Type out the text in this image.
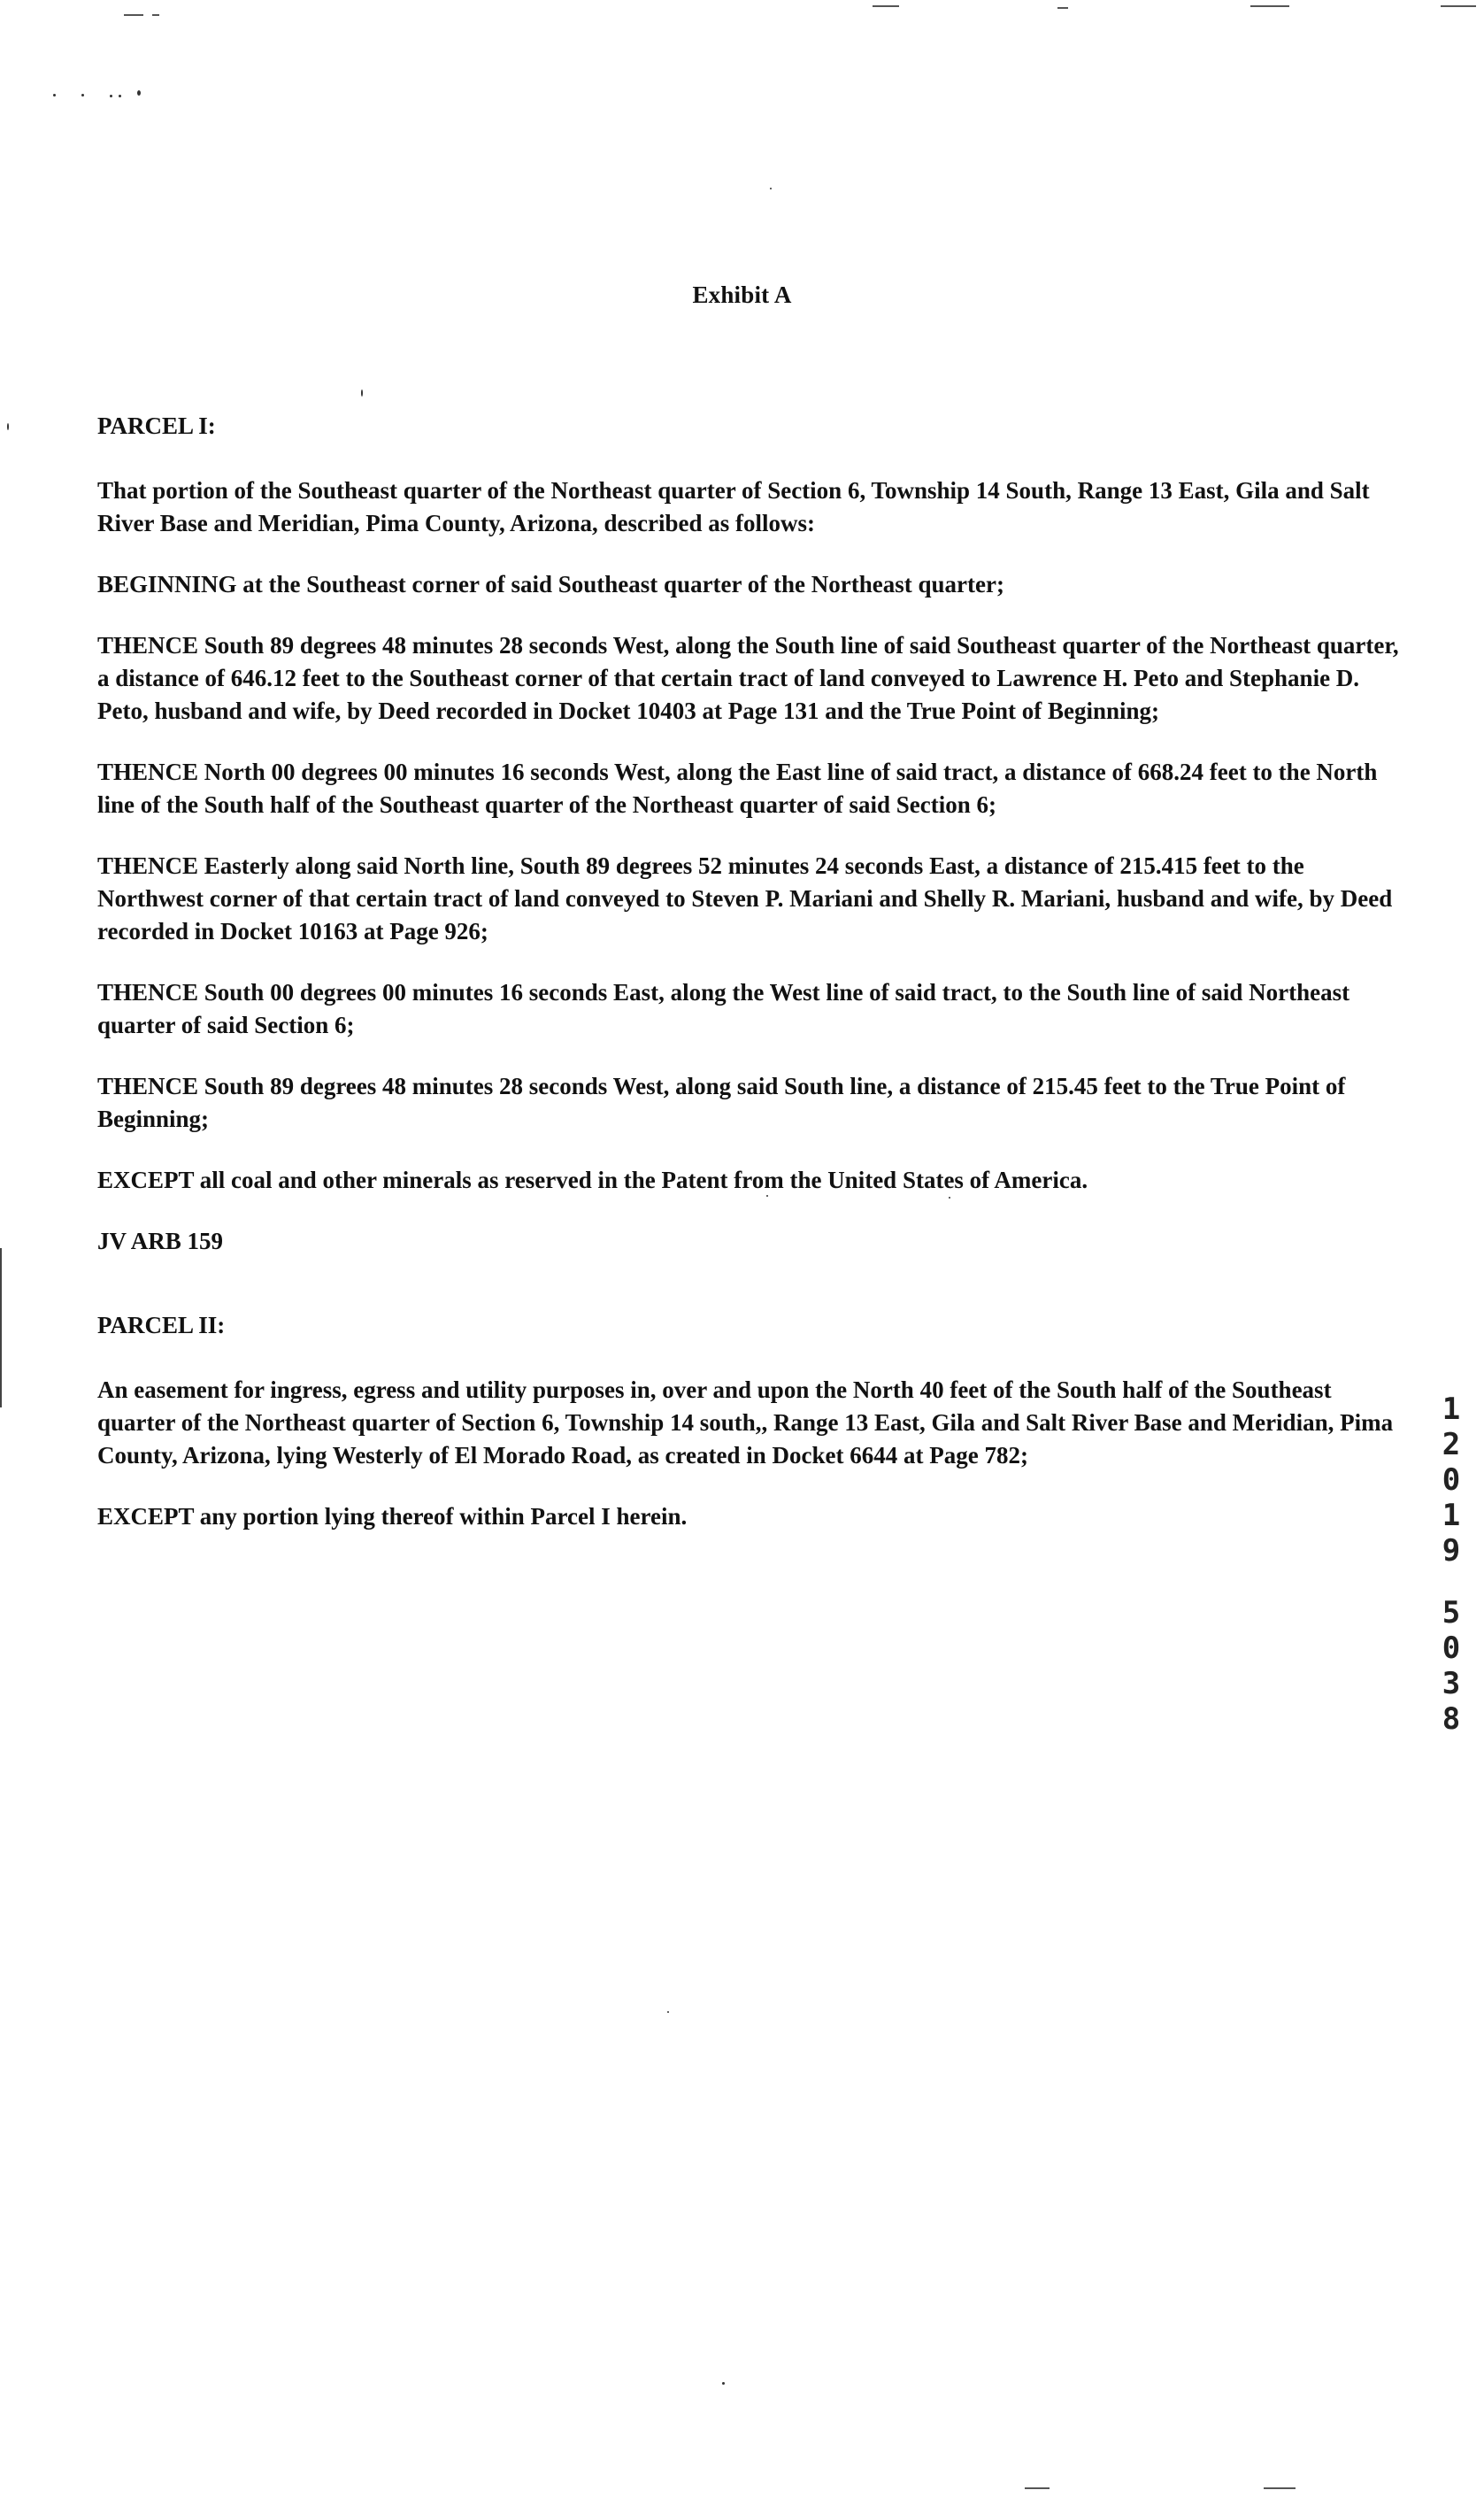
Exhibit A

PARCEL I:

That portion of the Southeast quarter of the Northeast quarter of Section 6, Township 14 South, Range 13 East, Gila and Salt River Base and Meridian, Pima County, Arizona, described as follows:

BEGINNING at the Southeast corner of said Southeast quarter of the Northeast quarter;

THENCE South 89 degrees 48 minutes 28 seconds West, along the South line of said Southeast quarter of the Northeast quarter, a distance of 646.12 feet to the Southeast corner of that certain tract of land conveyed to Lawrence H. Peto and Stephanie D. Peto, husband and wife, by Deed recorded in Docket 10403 at Page 131 and the True Point of Beginning;

THENCE North 00 degrees 00 minutes 16 seconds West, along the East line of said tract, a distance of 668.24 feet to the North line of the South half of the Southeast quarter of the Northeast quarter of said Section 6;

THENCE Easterly along said North line, South 89 degrees 52 minutes 24 seconds East, a distance of 215.415 feet to the Northwest corner of that certain tract of land conveyed to Steven P. Mariani and Shelly R. Mariani, husband and wife, by Deed recorded in Docket 10163 at Page 926;

THENCE South 00 degrees 00 minutes 16 seconds East, along the West line of said tract, to the South line of said Northeast quarter of said Section 6;

THENCE South 89 degrees 48 minutes 28 seconds West, along said South line, a distance of 215.45 feet to the True Point of Beginning;

EXCEPT all coal and other minerals as reserved in the Patent from the United States of America.

JV ARB 159

PARCEL II:

An easement for ingress, egress and utility purposes in, over and upon the North 40 feet of the South half of the Southeast quarter of the Northeast quarter of Section 6, Township 14 south,, Range 13 East, Gila and Salt River Base and Meridian, Pima County, Arizona, lying Westerly of El Morado Road, as created in Docket 6644 at Page 782;

EXCEPT any portion lying thereof within Parcel I herein.

1
2
0
1
9
5
0
3
8
